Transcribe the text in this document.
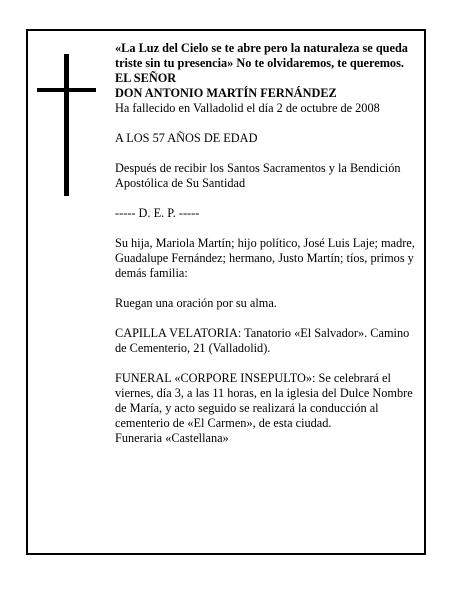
«La Luz del Cielo se te abre pero la naturaleza se queda triste sin tu presencia» No te olvidaremos, te queremos. EL SEÑOR

DON ANTONIO MARTÍN FERNÁNDEZ

Ha fallecido en Valladolid el día 2 de octubre de 2008

A LOS 57 AÑOS DE EDAD

Después de recibir los Santos Sacramentos y la Bendición Apostólica de Su Santidad

----- D. E. P. -----

Su hija, Mariola Martín; hijo político, José Luis Laje; madre, Guadalupe Fernández; hermano, Justo Martín; tíos, primos y demás familia:

Ruegan una oración por su alma.

CAPILLA VELATORIA: Tanatorio «El Salvador». Camino de Cementerio, 21 (Valladolid).

FUNERAL «CORPORE INSEPULTO»: Se celebrará el viernes, día 3, a las 11 horas, en la iglesia del Dulce Nombre de María, y acto seguido se realizará la conducción al cementerio de «El Carmen», de esta ciudad.

Funeraria «Castellana»
